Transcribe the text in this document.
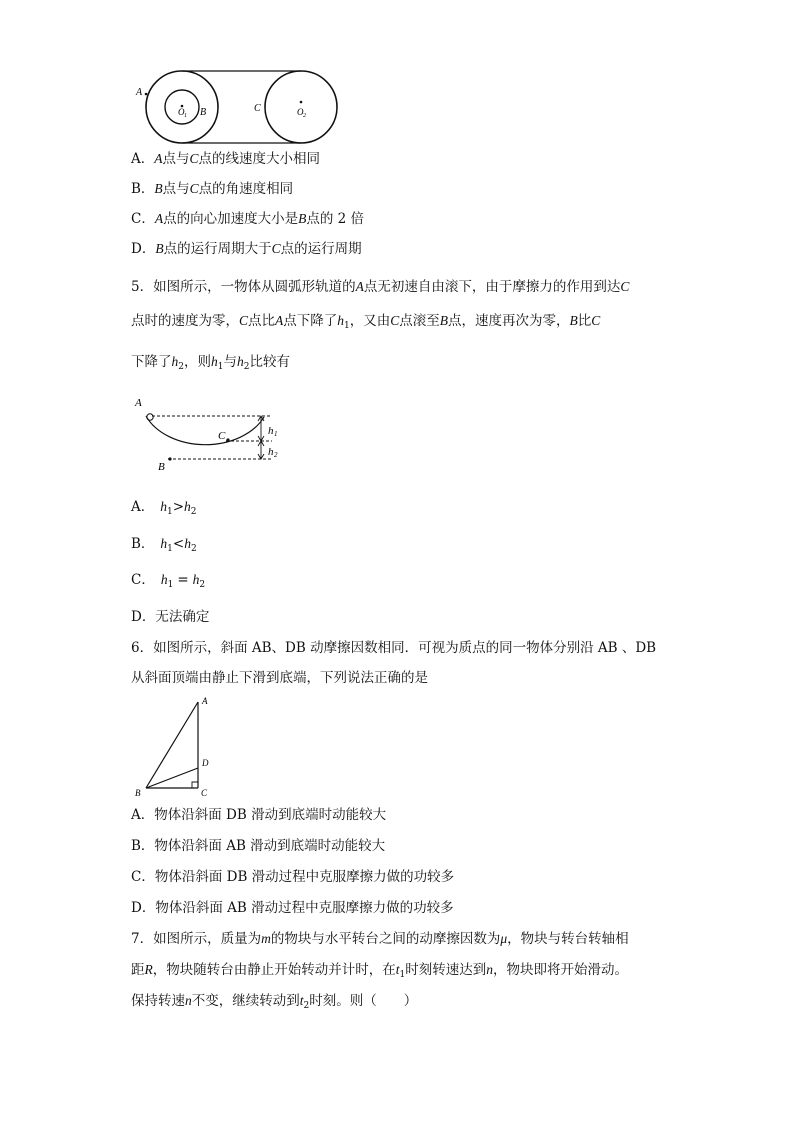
A
O 1 B	C	O 2
A．A点与C点的线速度大小相同
B．B点与C点的角速度相同
C．A点的向心加速度大小是B点的 2 倍
D．B点的运行周期大于C点的运行周期
5．如图所示，一物体从圆弧形轨道的A点无初速自由滚下，由于摩擦力的作用到达C
点时的速度为零，C点比A点下降了$h_1$，又由C点滚至B点，速度再次为零，B比C
下降了$h_2$，则$h_1$与$h_2$比较有
A
C
B
h 1
h 2
A． $h_1>h_2$
B． $h_1<h_2$
C． $h_1 = h_2$
D．无法确定
6．如图所示，斜面 AB、DB 动摩擦因数相同．可视为质点的同一物体分别沿 AB 、DB
从斜面顶端由静止下滑到底端，下列说法正确的是
A
D
B	C
A．物体沿斜面 DB 滑动到底端时动能较大
B．物体沿斜面 AB 滑动到底端时动能较大
C．物体沿斜面 DB 滑动过程中克服摩擦力做的功较多
D．物体沿斜面 AB 滑动过程中克服摩擦力做的功较多
7．如图所示，质量为m的物块与水平转台之间的动摩擦因数为μ，物块与转台转轴相
距R，物块随转台由静止开始转动并计时，在$t_1$时刻转速达到n，物块即将开始滑动。
保持转速n不变，继续转动到$t_2$时刻。则（　　）
